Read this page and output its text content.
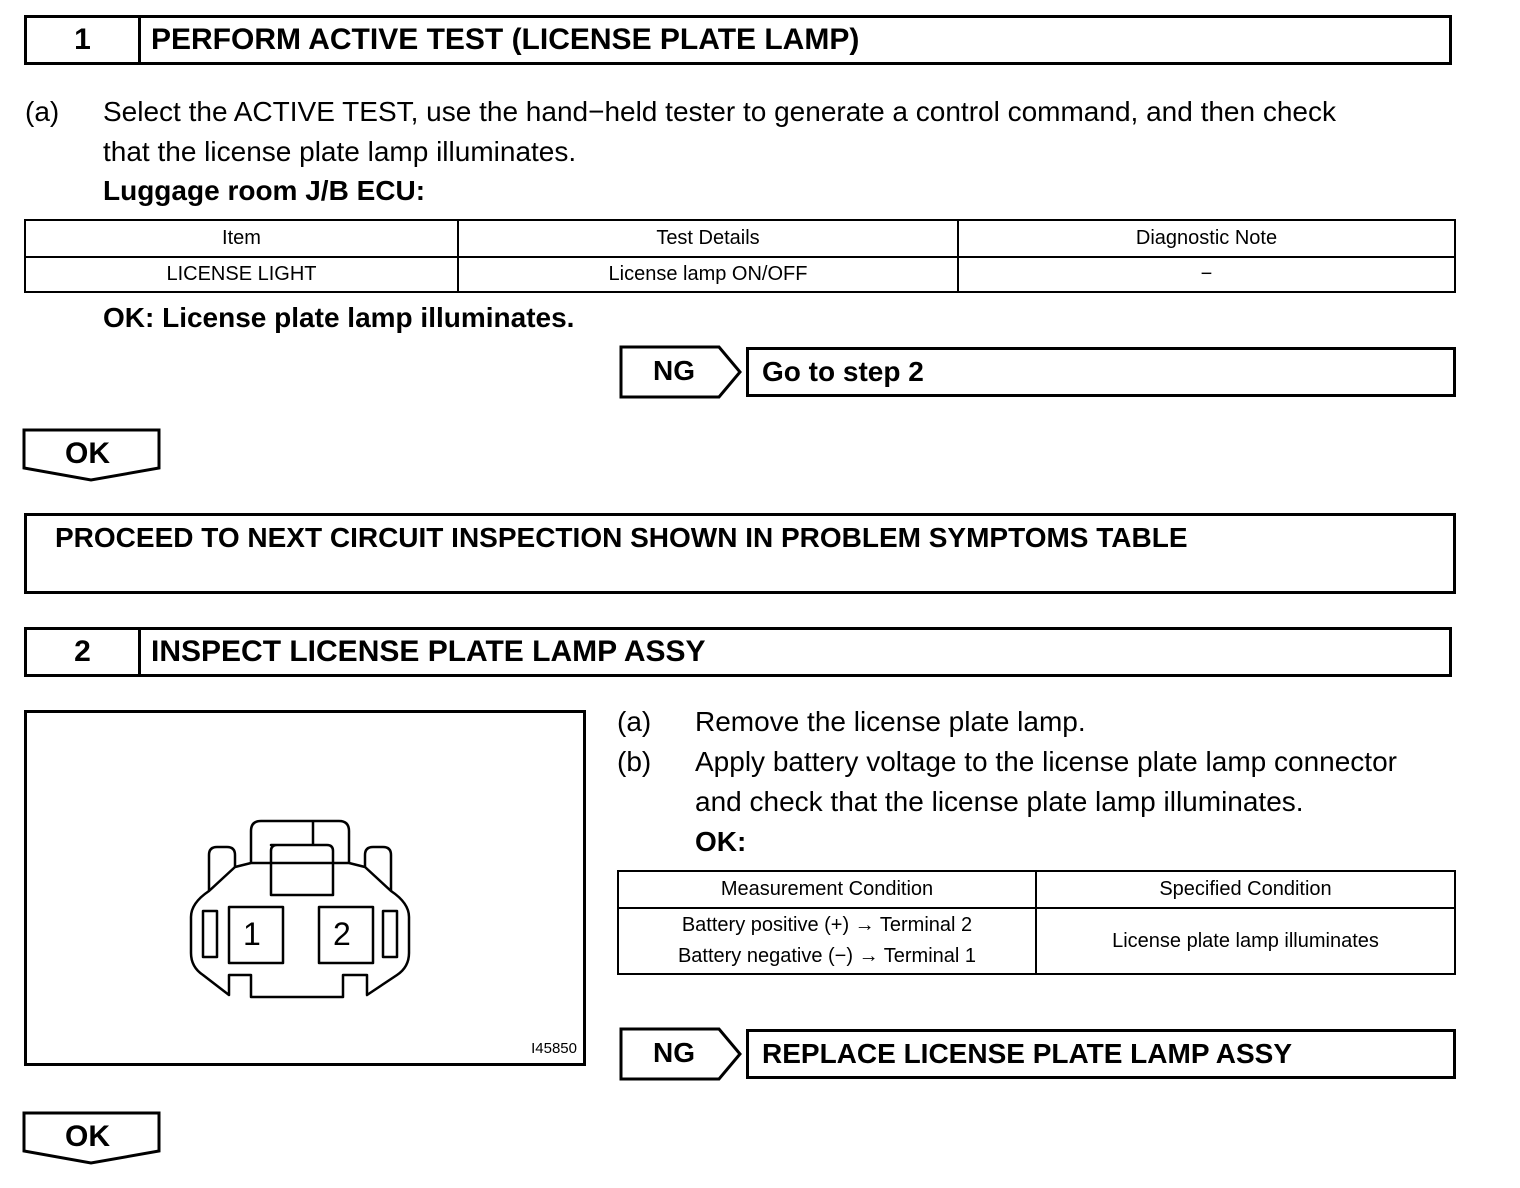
1	PERFORM ACTIVE TEST (LICENSE PLATE LAMP)
(a) Select the ACTIVE TEST, use the hand−held tester to generate a control command, and then check
that the license plate lamp illuminates.
Luggage room J/B ECU:
Item	Test Details	Diagnostic Note
LICENSE LIGHT	License lamp ON/OFF	−
OK: License plate lamp illuminates.
NG	Go to step 2
OK
PROCEED TO NEXT CIRCUIT INSPECTION SHOWN IN PROBLEM SYMPTOMS TABLE
2	INSPECT LICENSE PLATE LAMP ASSY
1 2
I45850
(a) Remove the license plate lamp.
(b) Apply battery voltage to the license plate lamp connector
and check that the license plate lamp illuminates.
OK:
Measurement Condition	Specified Condition

Battery positive (+) → Terminal 2
Battery negative (−) → Terminal 1	License plate lamp illuminates
NG	REPLACE LICENSE PLATE LAMP ASSY
OK
